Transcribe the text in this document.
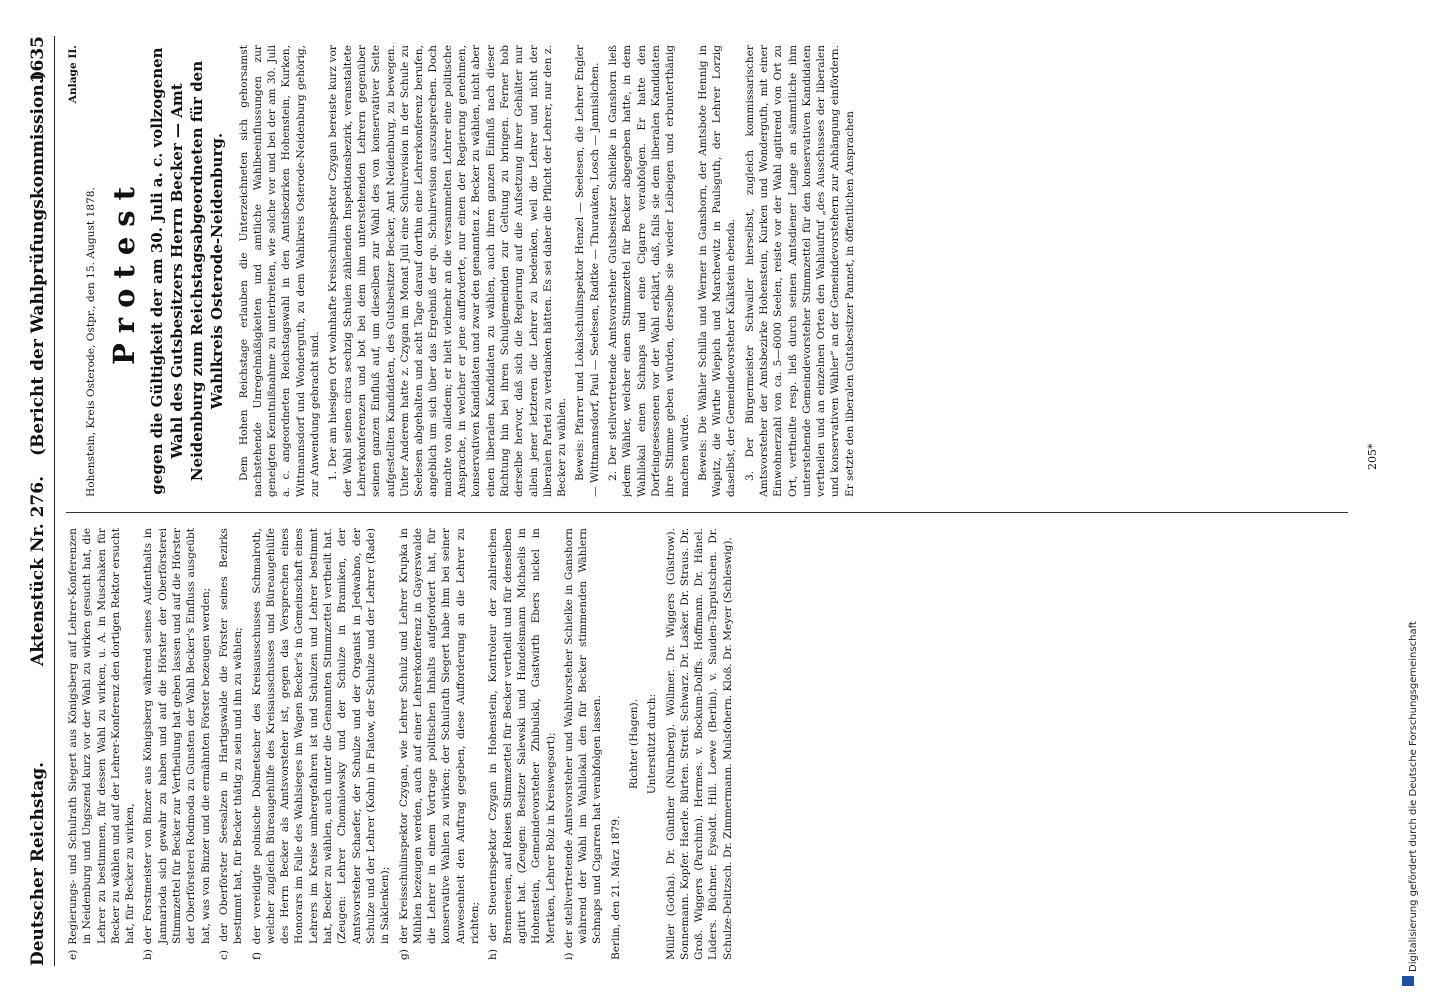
Deutscher Reichstag.
Aktenstück Nr. 276.
(Bericht der Wahlprüfungskommission.)
1635

e) Regierungs- und Schulrath Siegert aus Königsberg auf Lehrer-Konferenzen in Neidenburg und Ungszend kurz vor der Wahl zu wirken gesucht hat, die Lehrer zu bestimmen, für dessen Wahl zu wirken, u. A. in Muschaken für Becker zu wählen und auf der Lehrer-Konferenz den dortigen Rektor ersucht hat, für Becker zu wirken, b) der Forstmeister von Binzer aus Königsberg während seines Aufenthalts in Jannarioda sich gewahr zu haben und auf die Hörster der Oberförsterei Stimmzettel für Becker zur Vertheilung hat geben lassen und auf die Hörster der Oberförsterei Rodmoda zu Gunsten der Wahl Becker's Einfluss ausgeübt hat, was von Binzer und die ermähnten Förster bezeugen werden; c) der Oberförster Seesalzen in Hartigswalde die Förster seines Bezirks bestimmt hat, für Becker thätig zu sein und ihn zu wählen; f) der vereidigte polnische Dolmetscher des Kreisausschusses Schmalroth, welcher zugleich Büreaugehülfe des Kreisausschusses und Büreaugehülfe des Herrn Becker als Amtsvorsteher ist, gegen das Versprechen eines Honorars im Falle des Wahlsieges im Wagen Becker's in Gemeinschaft eines Lehrers im Kreise umhergefahren ist und Schulzen und Lehrer bestimmt hat, Becker zu wählen, auch unter die Genannten Stimmzettel vertheilt hat. (Zeugen: Lehrer Chomalowsky und der Schulze in Bramiken, der Amtsvorsteher Schaefer, der Schulze und der Organist in Jedwabno, der Schulze und der Lehrer (Kohn) in Flatow, der Schulze und der Lehrer (Rade) in Saklenken); g) der Kreisschulinspektor Czygan, wie Lehrer Schulz und Lehrer Krupka in Mühlen bezeugen werden, auch auf einer Lehrerkonferenz in Gayerswalde die Lehrer in einem Vortrage politischen Inhalts aufgefordert hat, für konservative Wahlen zu wirken; der Schulrath Siegert habe ihm bei seiner Anwesenheit den Auftrag gegeben, diese Aufforderung an die Lehrer zu richten; h) der Steuerinspektor Czygan in Hohenstein, Kontroleur der zahlreichen Brennereien, auf Reisen Stimmzettel für Becker vertheilt und für denselben agitirt hat. (Zeugen: Besitzer Salewski und Handelsmann Michaelis in Hohenstein, Gemeindevorsteher Zhibulski, Gastwirth Ebers nickel in Mertken, Lehrer Bolz in Kreiswegsort); i) der stellvertretende Amtsvorsteher und Wahlvorsteher Schielke in Ganshorn während der Wahl im Wahllokal den für Becker stimmenden Wählern Schnaps und Cigarren hat verabfolgen lassen. Berlin, den 21. März 1879.

Richter (Hagen). Unterstützt durch: Müller (Gotha). Dr. Günther (Nürnberg). Wöllmer. Dr. Wiggers (Güstrow). Sonnemann. Kopfer. Haerle. Bürten. Streit. Schwarz. Dr. Lasker. Dr. Straus. Dr. Groß. Wiggers (Parchim). Hermes. v. Bockum-Dolffs. Hoffmann. Dr. Hänel. Lüders. Büchner. Eysoldt. Hill. Loewe (Berlin). v. Sauden-Tarputschen. Dr. Schulze-Delitzsch. Dr. Zimmermann. Mulsfohern. Kloß. Dr. Meyer (Schleswig).

Anlage II.

Hohenstein, Kreis Osterode, Ostpr., den 15. August 1878. Protest gegen die Gültigkeit der am 30. Juli a. c. vollzogenen Wahl des Gutsbesitzers Herrn Becker — Amt Neidenburg zum Reichstagsabgeordneten für den Wahlkreis Osterode-Neidenburg. Dem Hohen Reichstage erlauben die Unterzeichneten sich gehorsamst nachstehende Unregelmäßigkeiten und amtliche Wahlbeeinflussungen zur geneigten Kenntnißnahme zu unterbreiten, wie solche vor und bei der am 30. Juli a. c. angeordneten Reichstagswahl in den Amtsbezirken Hohenstein, Kurken, Wittmannsdorf und Wonderguth, zu dem Wahlkreis Osterode-Neidenburg gehörig, zur Anwendung gebracht sind. 1. Der am hiesigen Ort wohnhafte Kreisschulinspektor Czygan bereiste kurz vor der Wahl seinen circa sechzig Schulen zählenden Inspektionsbezirk, veranstaltete Lehrerkonferenzen und bot bei dem ihm unterstehenden Lehrern gegenüber seinen ganzen Einfluß auf, um dieselben zur Wahl des von konservativer Seite aufgestellten Kandidaten, des Gutsbesitzer Becker, Amt Neidenburg, zu bewegen. Unter Anderem hatte z. Czygan im Monat Juli eine Schulrevision in der Schule zu Seelesen abgehalten und acht Tage darauf dorthin eine Lehrerkonferenz berufen, angeblich um sich über das Ergebniß der qu. Schulrevision auszusprechen. Doch machte von alledem; er hielt vielmehr an die versammelten Lehrer eine politische Ansprache, in welcher er jene aufforderte, nur einen der Regierung genehmen, konservativen Kandidaten und zwar den genannten z. Becker zu wählen, nicht aber einen liberalen Kandidaten zu wählen, auch ihren ganzen Einfluß nach dieser Richtung hin bei ihren Schulgemeinden zur Geltung zu bringen. Ferner hob derselbe hervor, daß sich die Regierung auf die Aufsetzung ihrer Gehälter nur allein jener letzteren die Lehrer zu bedenken, weil die Lehrer und nicht der liberalen Partei zu verdanken hätten. Es sei daher die Pflicht der Lehrer, nur den z. Becker zu wählen. Beweis: Pfarrer und Lokalschulinspektor Henzel — Seelesen, die Lehrer Engler — Wittmannsdorf, Paul — Seelesen, Radtke — Thurauken, Losch — Jannislichen. 2. Der stellvertretende Amtsvorsteher Gutsbesitzer Schielke in Ganshorn ließ jedem Wähler, welcher einen Stimmzettel für Becker abgegeben hatte, in dem Wahllokal einen Schnaps und eine Cigarre verabfolgen. Er hatte den Dorfeingesessenen vor der Wahl erklärt, daß, falls sie dem liberalen Kandidaten ihre Stimme geben würden, derselbe sie wieder Leibeigen und erbunterthänig machen würde. Beweis: Die Wähler Schilla und Werner in Ganshorn, der Amtsbote Hennig in Wapitz, die Wirthe Wiepich und Marchewitz in Paulsguth, der Lehrer Lorzig daselbst, der Gemeindevorsteher Kalkstein ebenda. 3. Der Bürgermeister Schwaller hierselbst, zugleich kommissarischer Amtsvorsteher der Amtsbezirke Hohenstein, Kurken und Wonderguth, mit einer Einwohnerzahl von ca. 5—6000 Seelen, reiste vor der Wahl agitirend von Ort zu Ort, vertheilte resp. ließ durch seinen Amtsdiener Lange an sämmtliche ihm unterstehende Gemeindevorsteher Stimmzettel für den konservativen Kandidaten vertheilen und an einzelnen Orten den Wahlaufruf „des Ausschusses der liberalen und konservativen Wähler“ an der Gemeindevorstehern zur Anhängung einfördern. Er setzte den liberalen Gutsbesitzer Pannet, in öffentlichen Ansprachen	205*
Digitalisierung gefördert durch die Deutsche Forschungsgemeinschaft
